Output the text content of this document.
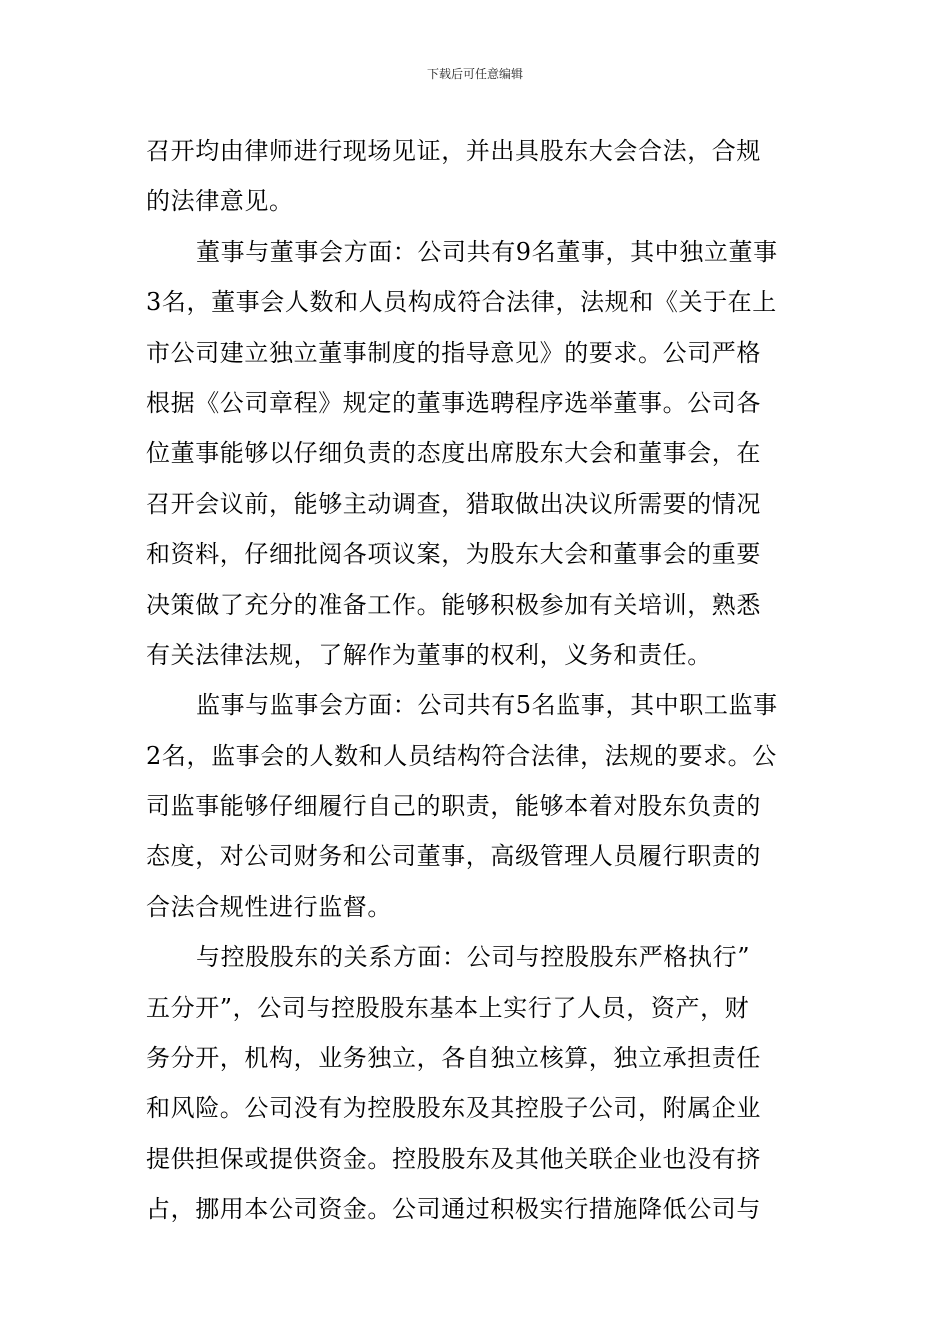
下载后可任意编辑
召开均由律师进行现场见证，并出具股东大会合法，合规
的法律意见。
董事与董事会方面：公司共有9名董事，其中独立董事
3名，董事会人数和人员构成符合法律，法规和《关于在上
市公司建立独立董事制度的指导意见》的要求。公司严格
根据《公司章程》规定的董事选聘程序选举董事。公司各
位董事能够以仔细负责的态度出席股东大会和董事会，在
召开会议前，能够主动调查，猎取做出决议所需要的情况
和资料，仔细批阅各项议案，为股东大会和董事会的重要
决策做了充分的准备工作。能够积极参加有关培训，熟悉
有关法律法规，了解作为董事的权利，义务和责任。
监事与监事会方面：公司共有5名监事，其中职工监事
2名，监事会的人数和人员结构符合法律，法规的要求。公
司监事能够仔细履行自己的职责，能够本着对股东负责的
态度，对公司财务和公司董事，高级管理人员履行职责的
合法合规性进行监督。
与控股股东的关系方面：公司与控股股东严格执行”
五分开”，公司与控股股东基本上实行了人员，资产，财
务分开，机构，业务独立，各自独立核算，独立承担责任
和风险。公司没有为控股股东及其控股子公司，附属企业
提供担保或提供资金。控股股东及其他关联企业也没有挤
占，挪用本公司资金。公司通过积极实行措施降低公司与
